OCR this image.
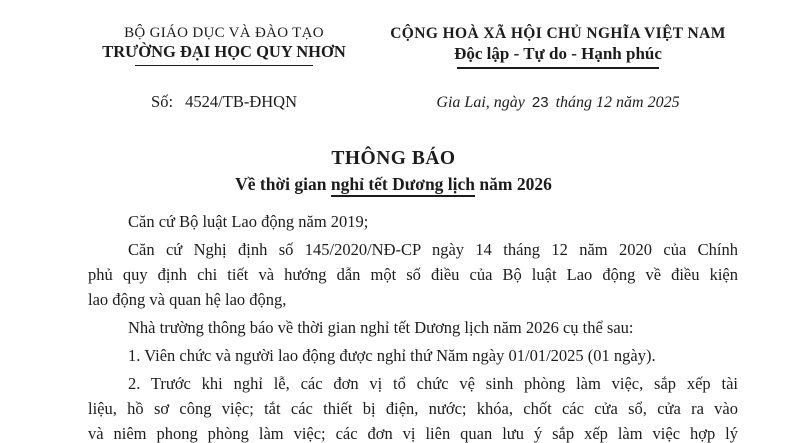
BỘ GIÁO DỤC VÀ ĐÀO TẠO
TRƯỜNG ĐẠI HỌC QUY NHƠN
Số: 4524/TB-ĐHQN
CỘNG HOÀ XÃ HỘI CHỦ NGHĨA VIỆT NAM
Độc lập - Tự do - Hạnh phúc
Gia Lai, ngày 23 tháng 12 năm 2025
THÔNG BÁO
Về thời gian nghỉ tết Dương lịch năm 2026
Căn cứ Bộ luật Lao động năm 2019;
Căn cứ Nghị định số 145/2020/NĐ-CP ngày 14 tháng 12 năm 2020 của Chính
phủ quy định chi tiết và hướng dẫn một số điều của Bộ luật Lao động về điều kiện
lao động và quan hệ lao động,
Nhà trường thông báo về thời gian nghỉ tết Dương lịch năm 2026 cụ thể sau:
1. Viên chức và người lao động được nghỉ thứ Năm ngày 01/01/2025 (01 ngày).
2. Trước khi nghỉ lễ, các đơn vị tổ chức vệ sinh phòng làm việc, sắp xếp tài
liệu, hồ sơ công việc; tắt các thiết bị điện, nước; khóa, chốt các cửa sổ, cửa ra vào
và niêm phong phòng làm việc; các đơn vị liên quan lưu ý sắp xếp làm việc hợp lý
